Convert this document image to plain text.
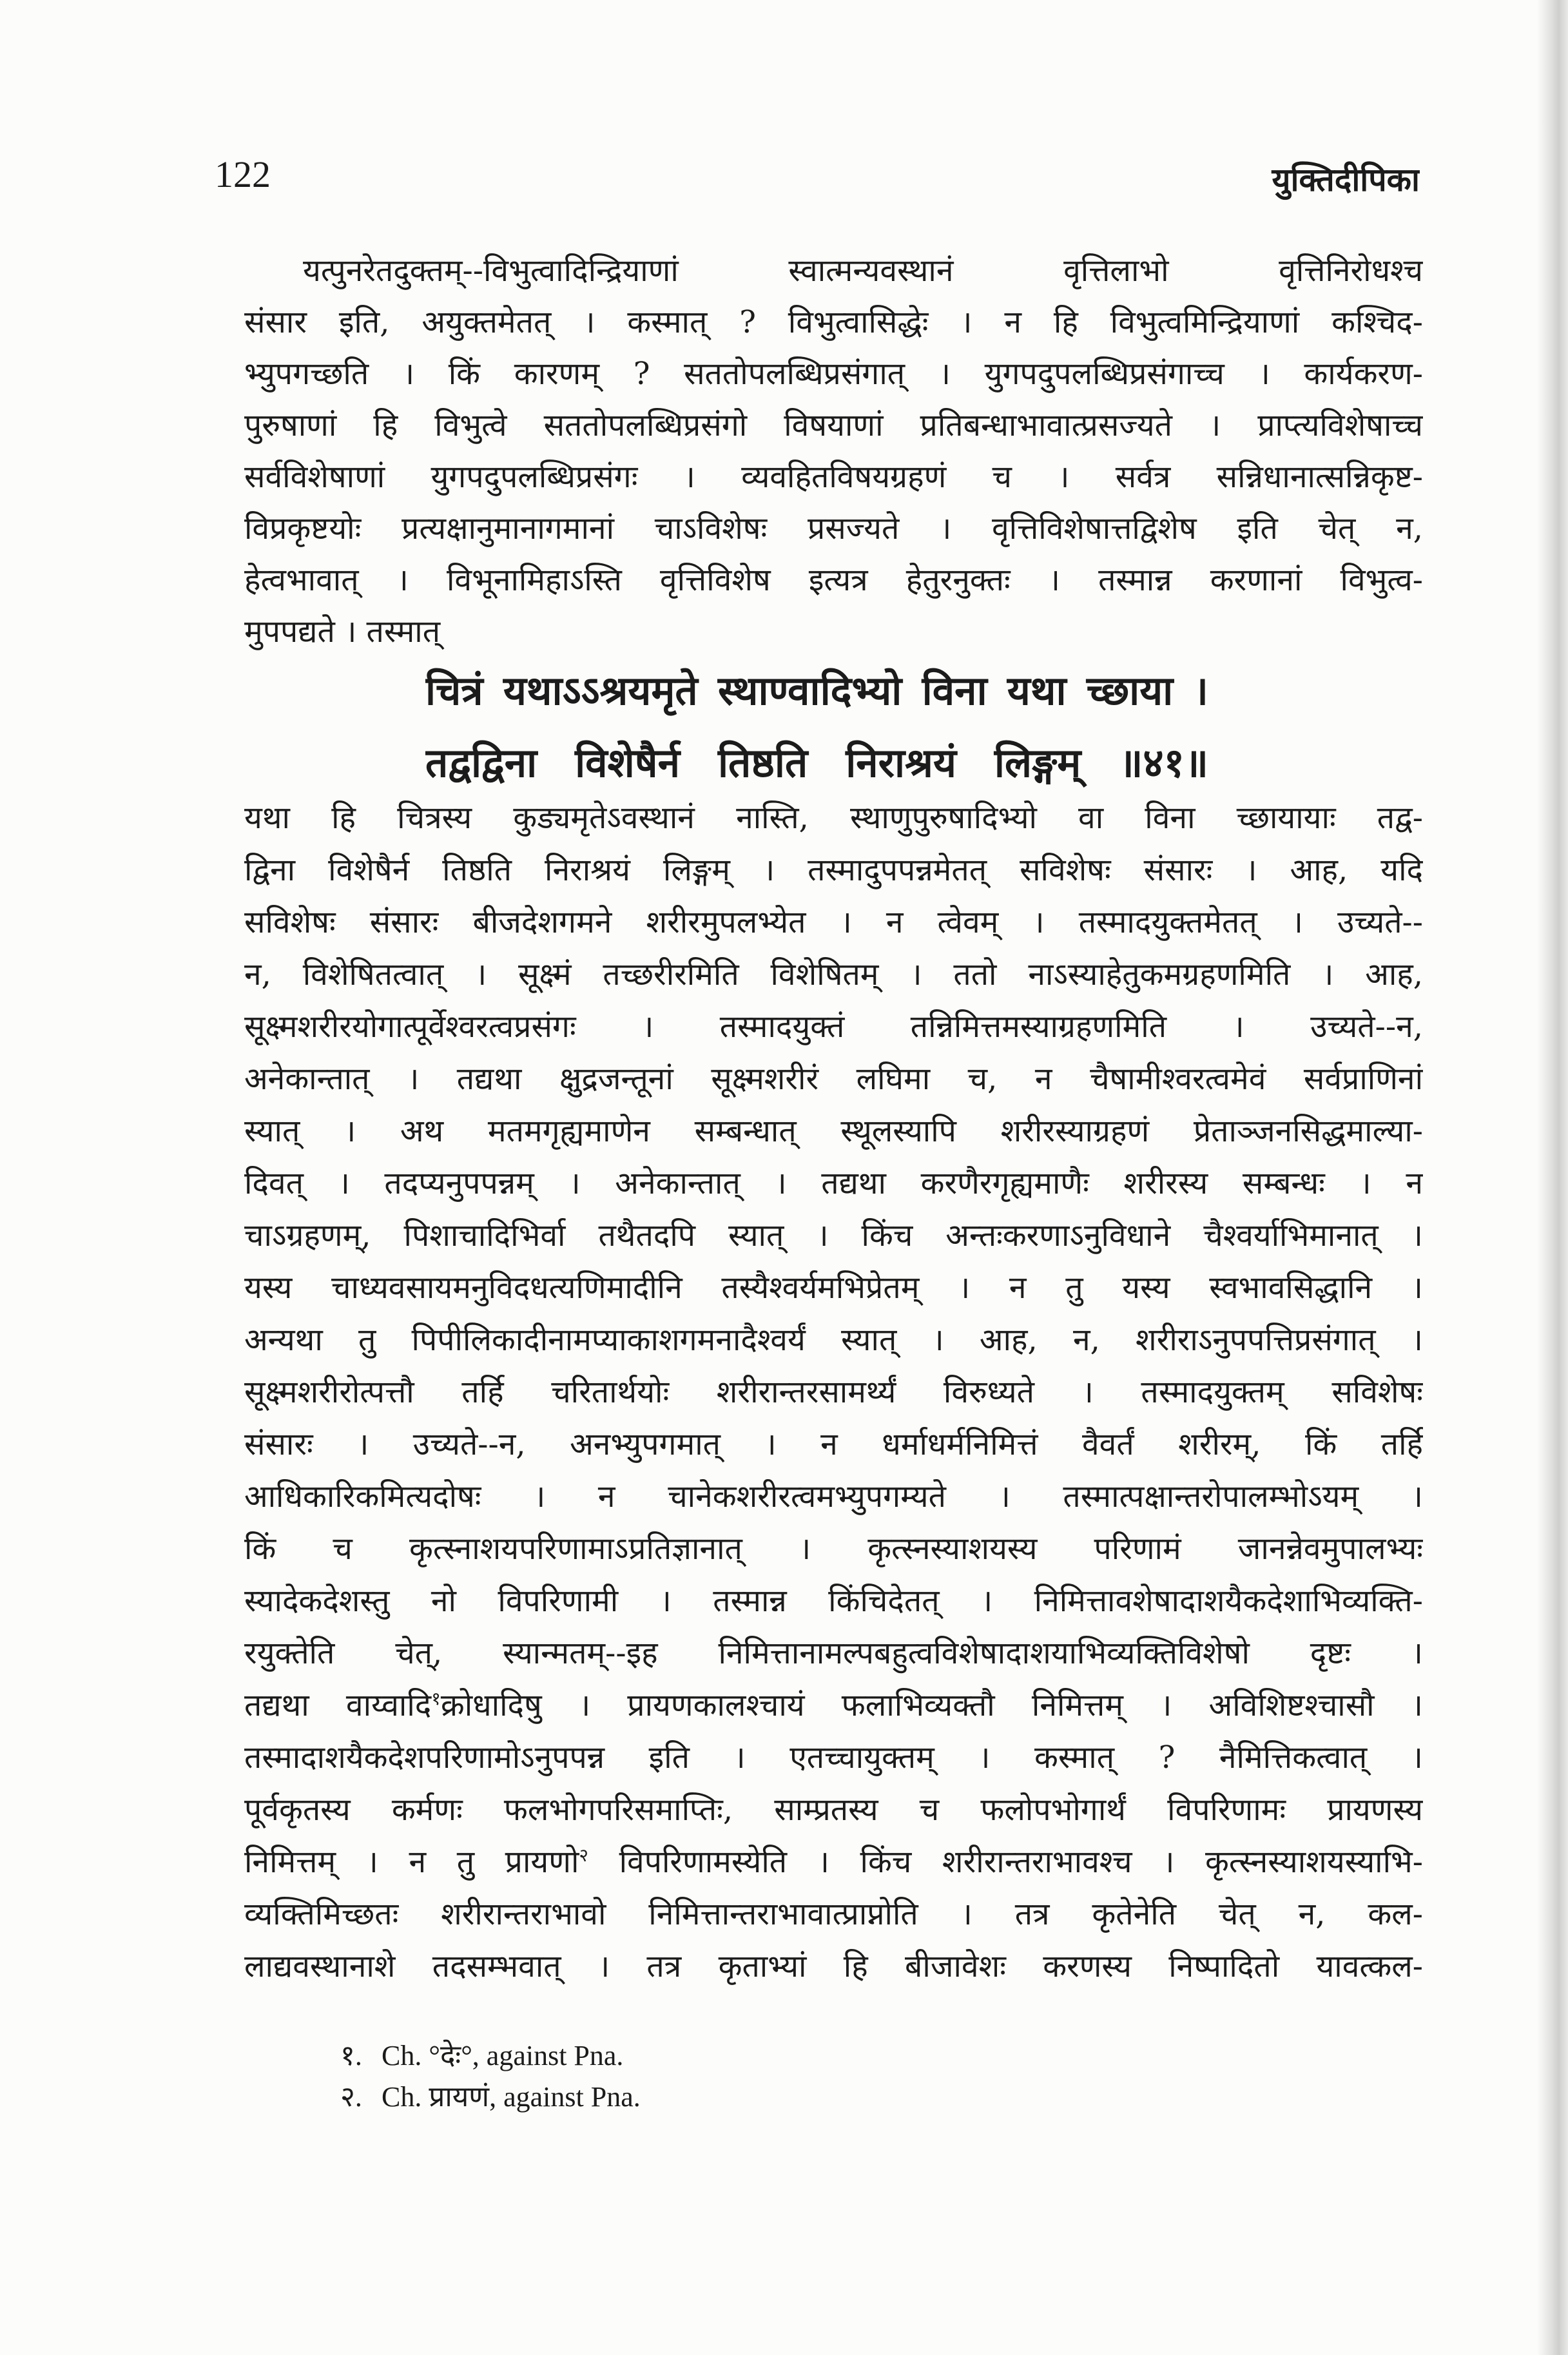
122	युक्तिदीपिका
यत्पुनरेतदुक्तम्--विभुत्वादिन्द्रियाणां स्वात्मन्यवस्थानं वृत्तिलाभो वृत्तिनिरोधश्च
संसार इति, अयुक्तमेतत् । कस्मात् ? विभुत्वासिद्धेः । न हि विभुत्वमिन्द्रियाणां कश्चिद-
भ्युपगच्छति । किं कारणम् ? सततोपलब्धिप्रसंगात् । युगपदुपलब्धिप्रसंगाच्च । कार्यकरण-
पुरुषाणां हि विभुत्वे सततोपलब्धिप्रसंगो विषयाणां प्रतिबन्धाभावात्प्रसज्यते । प्राप्त्यविशेषाच्च
सर्वविशेषाणां युगपदुपलब्धिप्रसंगः । व्यवहितविषयग्रहणं च । सर्वत्र सन्निधानात्सन्निकृष्ट-
विप्रकृष्टयोः प्रत्यक्षानुमानागमानां चाऽविशेषः प्रसज्यते । वृत्तिविशेषात्तद्विशेष इति चेत् न,
हेत्वभावात् । विभूनामिहाऽस्ति वृत्तिविशेष इत्यत्र हेतुरनुक्तः । तस्मान्न करणानां विभुत्व-
मुपपद्यते । तस्मात्
चित्रं यथाऽऽश्रयमृते स्थाण्वादिभ्यो विना यथा च्छाया ।
तद्वद्विना विशेषैर्न तिष्ठति निराश्रयं लिङ्गम् ॥४१॥
यथा हि चित्रस्य कुड्यमृतेऽवस्थानं नास्ति, स्थाणुपुरुषादिभ्यो वा विना च्छायायाः तद्व-
द्विना विशेषैर्न तिष्ठति निराश्रयं लिङ्गम् । तस्मादुपपन्नमेतत् सविशेषः संसारः । आह, यदि
सविशेषः संसारः बीजदेशगमने शरीरमुपलभ्येत । न त्वेवम् । तस्मादयुक्तमेतत् । उच्यते--
न, विशेषितत्वात् । सूक्ष्मं तच्छरीरमिति विशेषितम् । ततो नाऽस्याहेतुकमग्रहणमिति । आह,
सूक्ष्मशरीरयोगात्पूर्वेश्वरत्वप्रसंगः । तस्मादयुक्तं तन्निमित्तमस्याग्रहणमिति । उच्यते--न,
अनेकान्तात् । तद्यथा क्षुद्रजन्तूनां सूक्ष्मशरीरं लघिमा च, न चैषामीश्वरत्वमेवं सर्वप्राणिनां
स्यात् । अथ मतमगृह्यमाणेन सम्बन्धात् स्थूलस्यापि शरीरस्याग्रहणं प्रेताञ्जनसिद्धमाल्या-
दिवत् । तदप्यनुपपन्नम् । अनेकान्तात् । तद्यथा करणैरगृह्यमाणैः शरीरस्य सम्बन्धः । न
चाऽग्रहणम्, पिशाचादिभिर्वा तथैतदपि स्यात् । किंच अन्तःकरणाऽनुविधाने चैश्वर्याभिमानात् ।
यस्य चाध्यवसायमनुविदधत्यणिमादीनि तस्यैश्वर्यमभिप्रेतम् । न तु यस्य स्वभावसिद्धानि ।
अन्यथा तु पिपीलिकादीनामप्याकाशगमनादैश्वर्यं स्यात् । आह, न, शरीराऽनुपपत्तिप्रसंगात् ।
सूक्ष्मशरीरोत्पत्तौ तर्हि चरितार्थयोः शरीरान्तरसामर्थ्यं विरुध्यते । तस्मादयुक्तम् सविशेषः
संसारः । उच्यते--न, अनभ्युपगमात् । न धर्माधर्मनिमित्तं वैवर्तं शरीरम्, किं तर्हि
आधिकारिकमित्यदोषः । न चानेकशरीरत्वमभ्युपगम्यते । तस्मात्पक्षान्तरोपालम्भोऽयम् ।
किं च कृत्स्नाशयपरिणामाऽप्रतिज्ञानात् । कृत्स्नस्याशयस्य परिणामं जानन्नेवमुपालभ्यः
स्यादेकदेशस्तु नो विपरिणामी । तस्मान्न किंचिदेतत् । निमित्तावशेषादाशयैकदेशाभिव्यक्ति-
रयुक्तेति चेत्, स्यान्मतम्--इह निमित्तानामल्पबहुत्वविशेषादाशयाभिव्यक्तिविशेषो दृष्टः ।
तद्यथा वाय्वादि$^१$क्रोधादिषु । प्रायणकालश्चायं फलाभिव्यक्तौ निमित्तम् । अविशिष्टश्चासौ ।
तस्मादाशयैकदेशपरिणामोऽनुपपन्न इति । एतच्चायुक्तम् । कस्मात् ? नैमित्तिकत्वात् ।
पूर्वकृतस्य कर्मणः फलभोगपरिसमाप्तिः, साम्प्रतस्य च फलोपभोगार्थं विपरिणामः प्रायणस्य
निमित्तम् । न तु प्रायणो$^२$ विपरिणामस्येति । किंच शरीरान्तराभावश्च । कृत्स्नस्याशयस्याभि-
व्यक्तिमिच्छतः शरीरान्तराभावो निमित्तान्तराभावात्प्राप्नोति । तत्र कृतेनेति चेत् न, कल-
लाद्यवस्थानाशे तदसम्भवात् । तत्र कृताभ्यां हि बीजावेशः करणस्य निष्पादितो यावत्कल-
१. Ch. °देः°, against Pna.
२. Ch. प्रायणं, against Pna.
